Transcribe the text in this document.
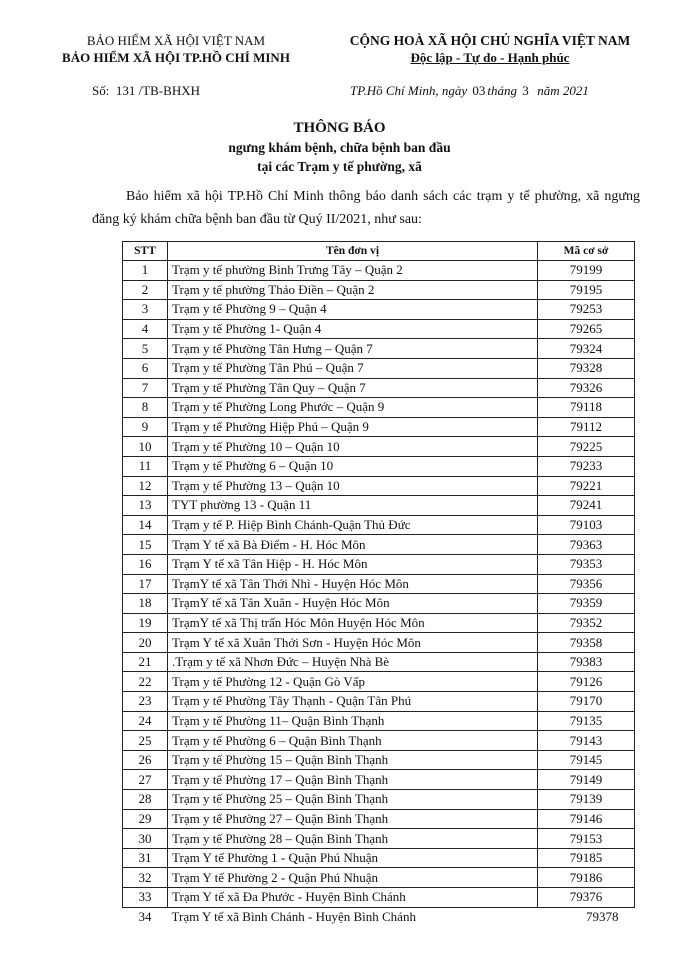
BẢO HIỂM XÃ HỘI VIỆT NAM
BẢO HIỂM XÃ HỘI TP.HỒ CHÍ MINH
CỘNG HOÀ XÃ HỘI CHỦ NGHĨA VIỆT NAM
Độc lập - Tự do - Hạnh phúc
Số: 131 /TB-BHXH	TP.Hồ Chí Minh, ngày 03 tháng 3 năm 2021
THÔNG BÁO
ngưng khám bệnh, chữa bệnh ban đầu
tại các Trạm y tế phường, xã
Bảo hiểm xã hội TP.Hồ Chí Minh thông báo danh sách các trạm y tế phường, xã ngưng đăng ký khám chữa bệnh ban đầu từ Quý II/2021, như sau:
STT	Tên đơn vị	Mã cơ sở
1	Trạm y tế phường Bình Trưng Tây – Quận 2	79199
2	Trạm y tế phường Thảo Điền – Quận 2	79195
3	Trạm y tế Phường 9 – Quận 4	79253
4	Trạm y tế Phường 1- Quận 4	79265
5	Trạm y tế Phường Tân Hưng – Quận 7	79324
6	Trạm y tế Phường Tân Phú – Quận 7	79328
7	Trạm y tế Phường Tân Quy – Quận 7	79326
8	Trạm y tế Phường Long Phước – Quận 9	79118
9	Trạm y tế Phường Hiệp Phú – Quận 9	79112
10	Trạm y tế Phường 10 – Quận 10	79225
11	Trạm y tế Phường 6 – Quận 10	79233
12	Trạm y tế Phường 13 – Quận 10	79221
13	TYT phường 13 - Quận 11	79241
14	Trạm y tế P. Hiệp Bình Chánh-Quận Thủ Đức	79103
15	Trạm Y tế xã Bà Điểm - H. Hóc Môn	79363
16	Trạm Y tế xã Tân Hiệp - H. Hóc Môn	79353
17	TrạmY tế xã Tân Thới Nhì - Huyện Hóc Môn	79356
18	TrạmY tế xã Tân Xuân - Huyện Hóc Môn	79359
19	TrạmY tế xã Thị trấn Hóc Môn Huyện Hóc Môn	79352
20	Trạm Y tế xã Xuân Thới Sơn - Huyện Hóc Môn	79358
21	.Trạm y tế xã Nhơn Đức – Huyện Nhà Bè	79383
22	Trạm y tế Phường 12 - Quận Gò Vấp	79126
23	Trạm y tế Phường Tây Thạnh - Quận Tân Phú	79170
24	Trạm y tế Phường 11– Quận Bình Thạnh	79135
25	Trạm y tế Phường 6 – Quận Bình Thạnh	79143
26	Trạm y tế Phường 15 – Quận Bình Thạnh	79145
27	Trạm y tế Phường 17 – Quận Bình Thạnh	79149
28	Trạm y tế Phường 25 – Quận Bình Thạnh	79139
29	Trạm y tế Phường 27 – Quận Bình Thạnh	79146
30	Trạm y tế Phường 28 – Quận Bình Thạnh	79153
31	Trạm Y tế Phường 1 - Quận Phú Nhuận	79185
32	Trạm Y tế Phường 2 - Quận Phú Nhuận	79186
33	Trạm Y tế xã Đa Phước - Huyện Bình Chánh	79376
34	Trạm Y tế xã Bình Chánh - Huyện Bình Chánh	79378
